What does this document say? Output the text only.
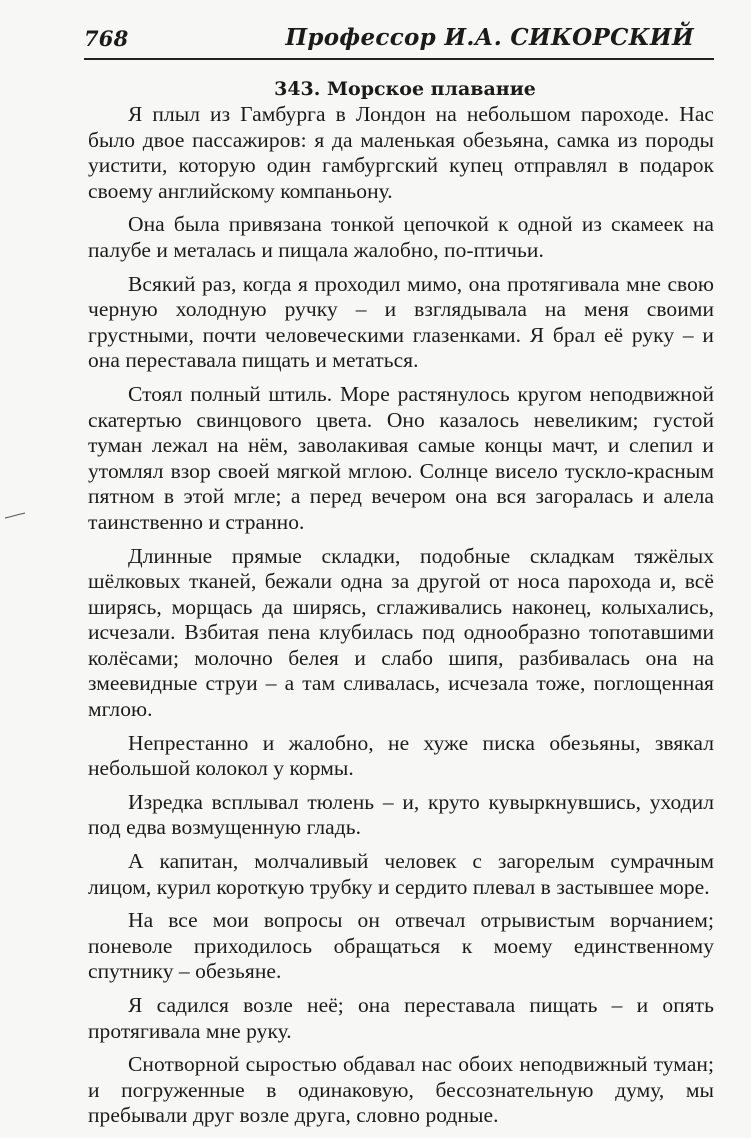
768	Профессор И.А. СИКОРСКИЙ
343. Морское плавание

Я плыл из Гамбурга в Лондон на небольшом пароходе. Нас было двое пассажиров: я да маленькая обезьяна, самка из породы уистити, которую один гамбургский купец отправлял в подарок своему английскому компаньону.

Она была привязана тонкой цепочкой к одной из скамеек на палубе и металась и пищала жалобно, по-птичьи.

Всякий раз, когда я проходил мимо, она протягивала мне свою черную холодную ручку – и взглядывала на меня своими грустными, почти человеческими глазенками. Я брал её руку – и она переставала пищать и метаться.

Стоял полный штиль. Море растянулось кругом неподвижной скатертью свинцового цвета. Оно казалось невеликим; густой туман лежал на нём, заволакивая самые концы мачт, и слепил и утомлял взор своей мягкой мглою. Солнце висело тускло-красным пятном в этой мгле; а перед вечером она вся загоралась и алела таинственно и странно.

Длинные прямые складки, подобные складкам тяжёлых шёлковых тканей, бежали одна за другой от носа парохода и, всё ширясь, морщась да ширясь, сглаживались наконец, колыхались, исчезали. Взбитая пена клубилась под однообразно топотавшими колёсами; молочно белея и слабо шипя, разбивалась она на змеевидные струи – а там сливалась, исчезала тоже, поглощенная мглою.

Непрестанно и жалобно, не хуже писка обезьяны, звякал небольшой колокол у кормы.

Изредка всплывал тюлень – и, круто кувыркнувшись, уходил под едва возмущенную гладь.

А капитан, молчаливый человек с загорелым сумрачным лицом, курил короткую трубку и сердито плевал в застывшее море.

На все мои вопросы он отвечал отрывистым ворчанием; поневоле приходилось обращаться к моему единственному спутнику – обезьяне.

Я садился возле неё; она переставала пищать – и опять протягивала мне руку.

Снотворной сыростью обдавал нас обоих неподвижный туман; и погруженные в одинаковую, бессознательную думу, мы пребывали друг возле друга, словно родные.
